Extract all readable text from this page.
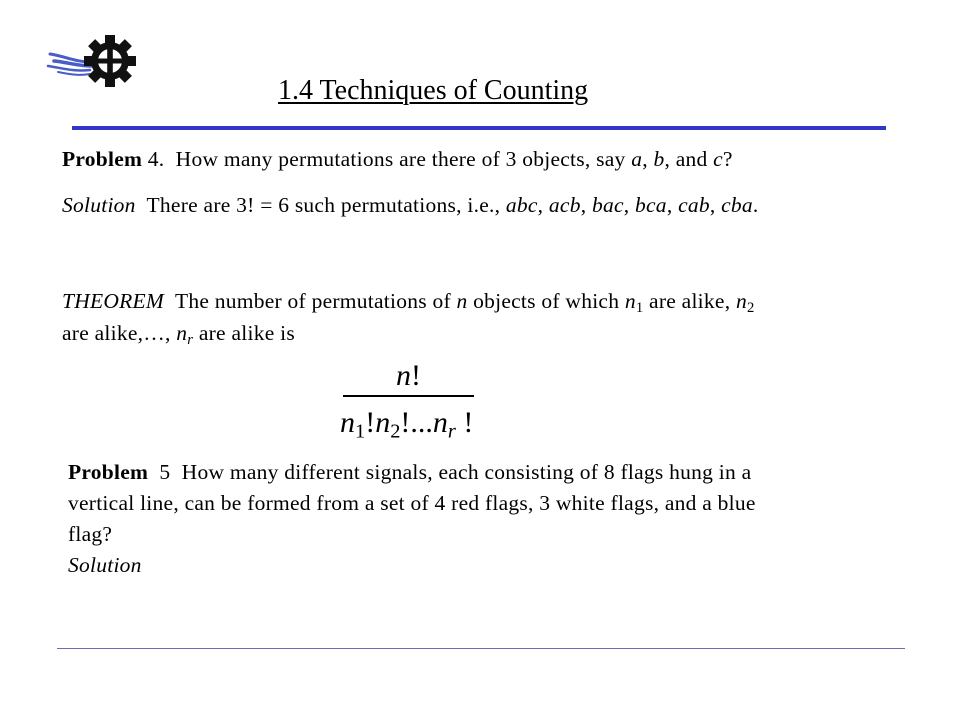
1.4 Techniques of Counting
Problem 4.  How many permutations are there of 3 objects, say a, b, and c?
Solution  There are 3! = 6 such permutations, i.e., abc, acb, bac, bca, cab, cba.
THEOREM  The number of permutations of n objects of which $n_1$ are alike, $n_2$
are alike,…, $n_r$ are alike is
n!
$n_1!n_2!...n_r$ !
Problem  5  How many different signals, each consisting of 8 flags hung in a
vertical line, can be formed from a set of 4 red flags, 3 white flags, and a blue
flag?
Solution
